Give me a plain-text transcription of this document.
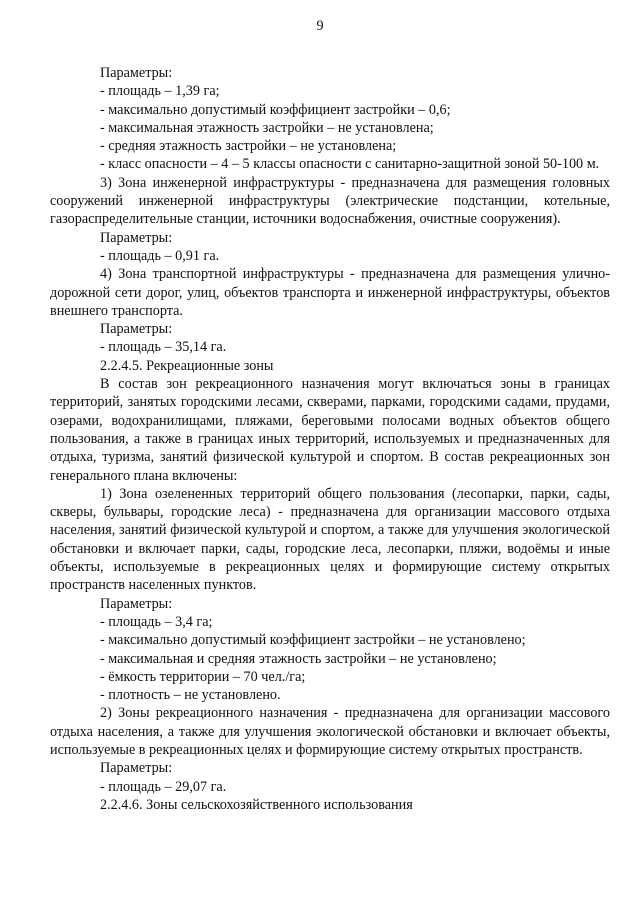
9

Параметры:

- площадь – 1,39 га;

- максимально допустимый коэффициент застройки – 0,6;

- максимальная этажность застройки – не установлена;

- средняя этажность застройки – не установлена;

- класс опасности – 4 – 5 классы опасности с санитарно-защитной зоной 50-100 м.

3) Зона инженерной инфраструктуры - предназначена для размещения головных сооружений инженерной инфраструктуры (электрические подстанции, котельные, газораспределительные станции, источники водоснабжения, очистные сооружения).

Параметры:

- площадь – 0,91 га.

4) Зона транспортной инфраструктуры - предназначена для размещения улично-дорожной сети дорог, улиц, объектов транспорта и инженерной инфраструктуры, объектов внешнего транспорта.

Параметры:

- площадь – 35,14 га.

2.2.4.5. Рекреационные зоны

В состав зон рекреационного назначения могут включаться зоны в границах территорий, занятых городскими лесами, скверами, парками, городскими садами, прудами, озерами, водохранилищами, пляжами, береговыми полосами водных объектов общего пользования, а также в границах иных территорий, используемых и предназначенных для отдыха, туризма, занятий физической культурой и спортом. В состав рекреационных зон генерального плана включены:

1) Зона озелененных территорий общего пользования (лесопарки, парки, сады, скверы, бульвары, городские леса) - предназначена для организации массового отдыха населения, занятий физической культурой и спортом, а также для улучшения экологической обстановки и включает парки, сады, городские леса, лесопарки, пляжи, водоёмы и иные объекты, используемые в рекреационных целях и формирующие систему открытых пространств населенных пунктов.

Параметры:

- площадь – 3,4 га;

- максимально допустимый коэффициент застройки – не установлено;

- максимальная и средняя этажность застройки – не установлено;

- ёмкость территории – 70 чел./га;

- плотность – не установлено.

2) Зоны рекреационного назначения - предназначена для организации массового отдыха населения, а также для улучшения экологической обстановки и включает объекты, используемые в рекреационных целях и формирующие систему открытых пространств.

Параметры:

- площадь – 29,07 га.

2.2.4.6. Зоны сельскохозяйственного использования
